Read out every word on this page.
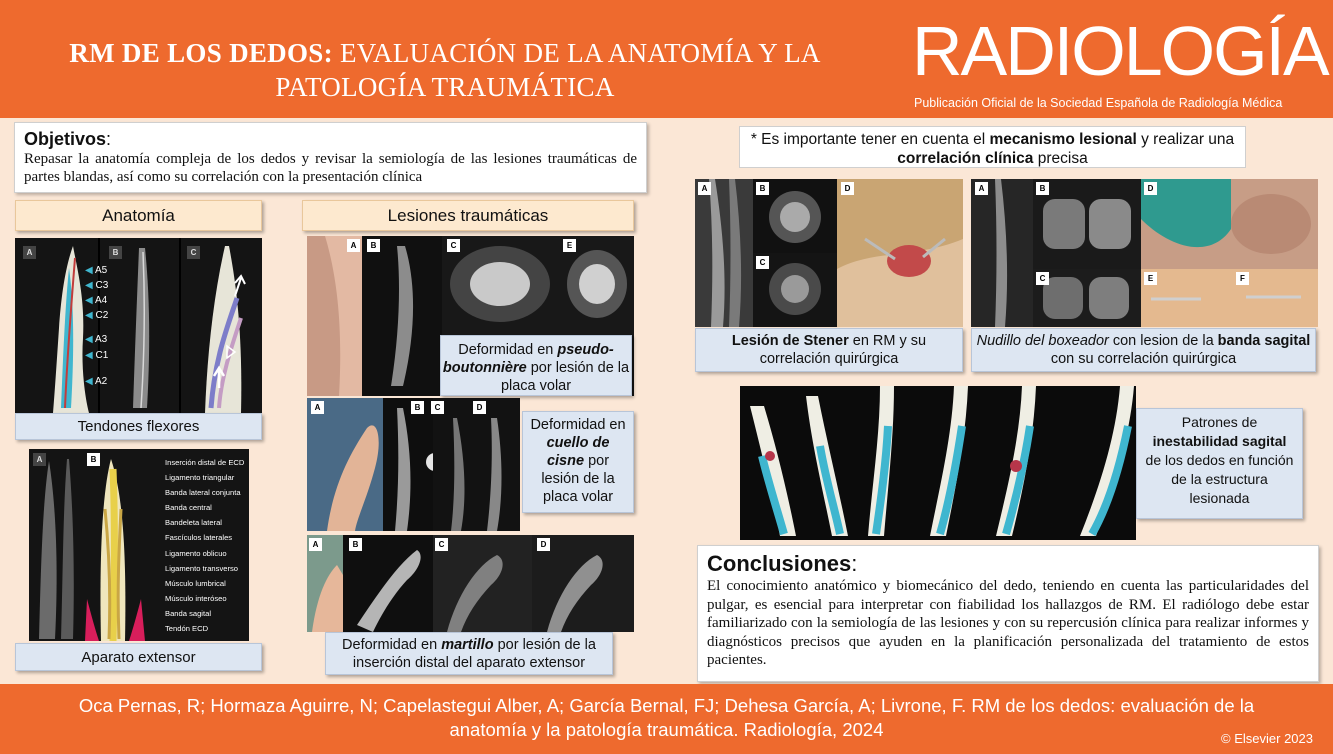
RM DE LOS DEDOS: EVALUACIÓN DE LA ANATOMÍA Y LA PATOLOGÍA TRAUMÁTICA	RADIOLOGÍA
Publicación Oficial de la Sociedad Española de Radiología Médica
Objetivos:
Repasar la anatomía compleja de los dedos y revisar la semiología de las lesiones traumáticas de partes blandas, así como su correlación con la presentación clínica
Anatomía
A	B	C
◀ A5
◀ C3
◀ A4
◀ C2
◀ A3
◀ C1
◀ A2
Tendones flexores
A	B	Inserción distal de ECD
Ligamento triangular
Banda lateral conjunta
Banda central
Bandeleta lateral
Fascículos laterales
Ligamento oblicuo
Ligamento transverso
Músculo lumbrical
Músculo interóseo
Banda sagital
Tendón ECD
Aparato extensor
Lesiones traumáticas
A	B	C	E
Deformidad en pseudo-boutonnière por lesión de la placa volar
A	B	C	D
Deformidad en cuello de cisne por lesión de la placa volar
A	B	C	D
Deformidad en martillo por lesión de la inserción distal del aparato extensor
* Es importante tener en cuenta el mecanismo lesional y realizar una correlación clínica precisa
A	B
C
D
Lesión de Stener en RM y su correlación quirúrgica
A	B
C
D
E	F
Nudillo del boxeador con lesion de la banda sagital con su correlación quirúrgica
Patrones de inestabilidad sagital de los dedos en función de la estructura lesionada
Conclusiones:
El conocimiento anatómico y biomecánico del dedo, teniendo en cuenta las particularidades del pulgar, es esencial para interpretar con fiabilidad los hallazgos de RM. El radiólogo debe estar familiarizado con la semiología de las lesiones y con su repercusión clínica para realizar informes y diagnósticos precisos que ayuden en la planificación personalizada del tratamiento de estos pacientes.
Oca Pernas, R; Hormaza Aguirre, N; Capelastegui Alber, A; García Bernal, FJ; Dehesa García, A; Livrone, F. RM de los dedos: evaluación de la anatomía y la patología traumática. Radiología, 2024	© Elsevier 2023
